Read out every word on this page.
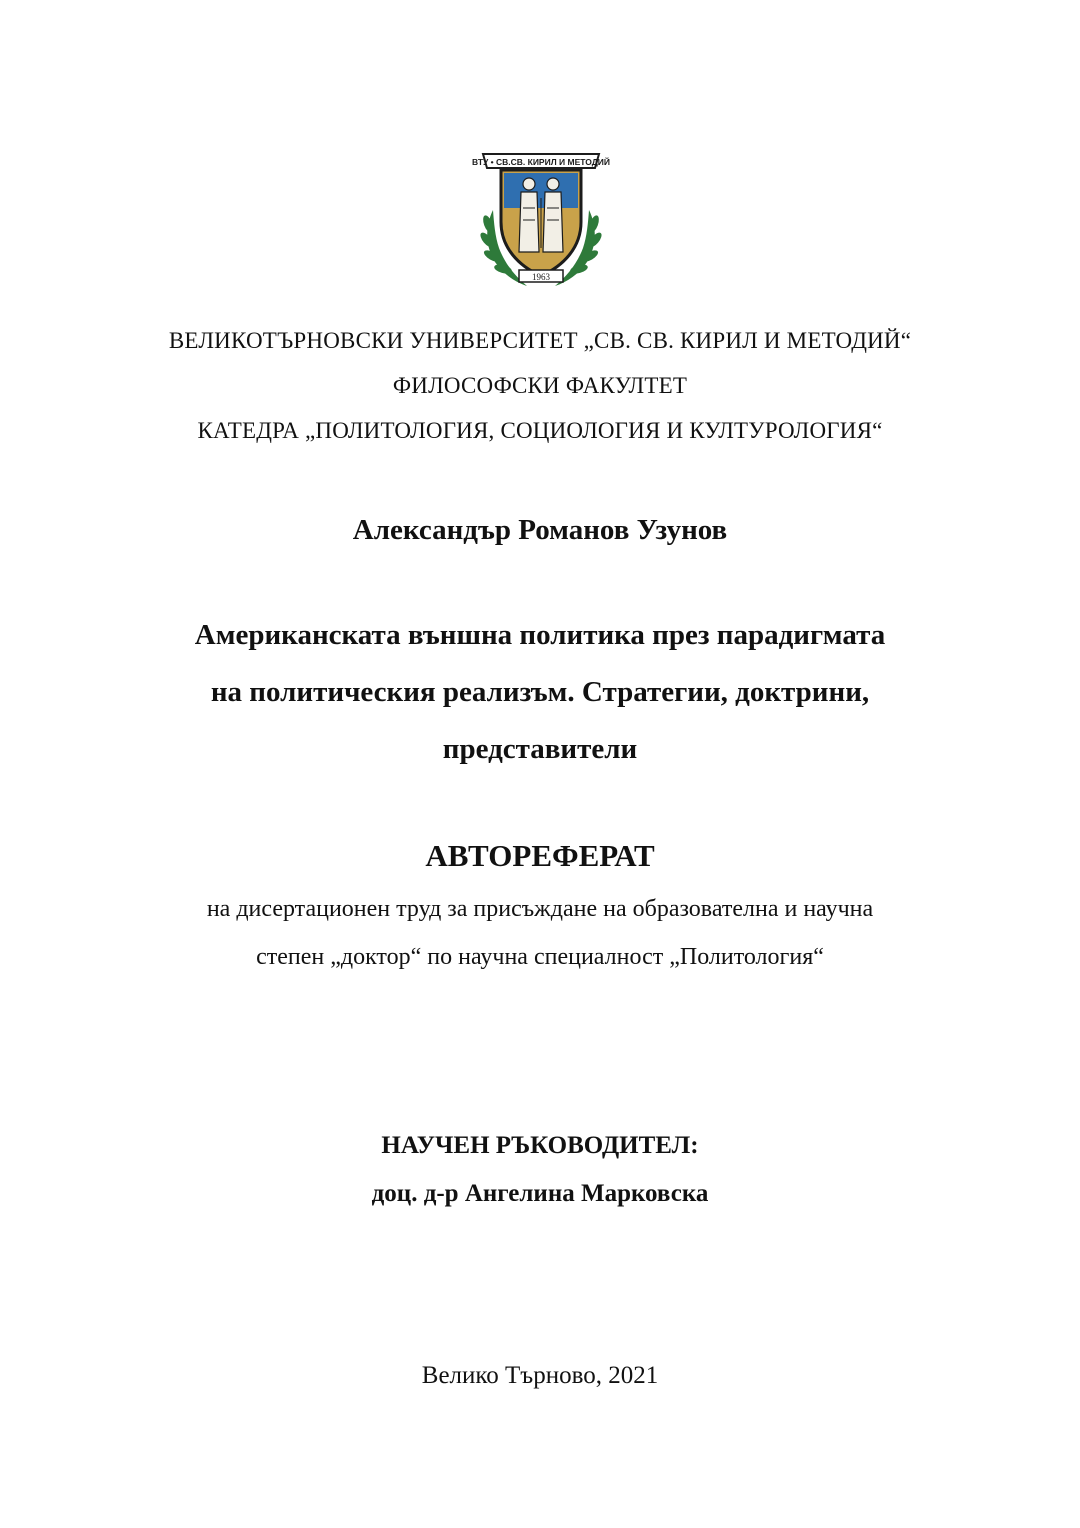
ВТУ • СВ.СВ. КИРИЛ И МЕТОДИЙ
1963
ВЕЛИКОТЪРНОВСКИ УНИВЕРСИТЕТ „СВ. СВ. КИРИЛ И МЕТОДИЙ“
ФИЛОСОФСКИ ФАКУЛТЕТ
КАТЕДРА „ПОЛИТОЛОГИЯ, СОЦИОЛОГИЯ И КУЛТУРОЛОГИЯ“
Александър Романов Узунов
Американската външна политика през парадигмата
на политическия реализъм. Стратегии, доктрини,
представители
АВТОРЕФЕРАТ
на дисертационен труд за присъждане на образователна и научна
степен „доктор“ по научна специалност „Политология“
НАУЧЕН РЪКОВОДИТЕЛ:
доц. д-р Ангелина Марковска
Велико Търново, 2021
